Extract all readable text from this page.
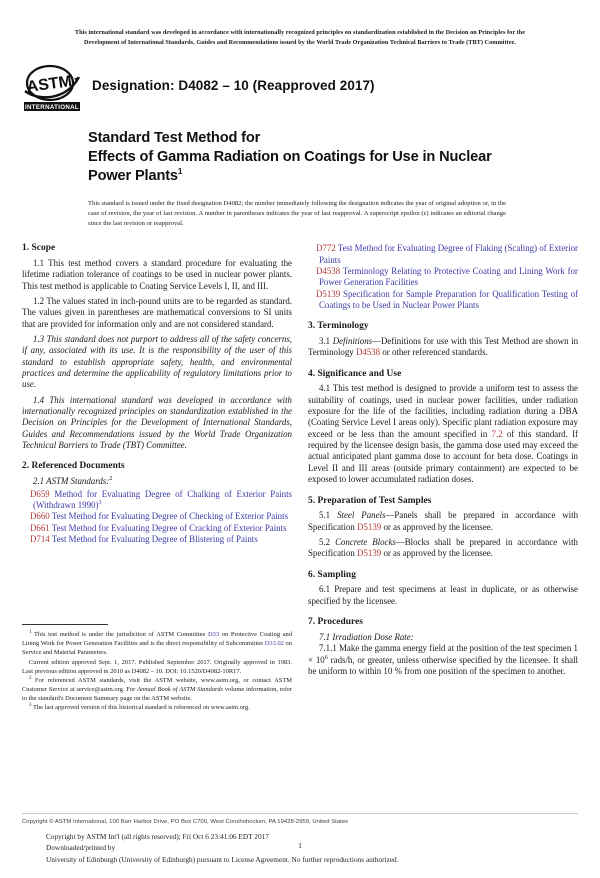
This international standard was developed in accordance with internationally recognized principles on standardization established in the Decision on Principles for the
Development of International Standards, Guides and Recommendations issued by the World Trade Organization Technical Barriers to Trade (TBT) Committee.
ASTM
INTERNATIONAL
Designation: D4082 – 10 (Reapproved 2017)
Standard Test Method for
Effects of Gamma Radiation on Coatings for Use in Nuclear
Power Plants$^1$
This standard is issued under the fixed designation D4082; the number immediately following the designation indicates the year of original adoption or, in the case of revision, the year of last revision. A number in parentheses indicates the year of last reapproval. A superscript epsilon (ε) indicates an editorial change since the last revision or reapproval.
1. Scope

1.1 This test method covers a standard procedure for evaluating the lifetime radiation tolerance of coatings to be used in nuclear power plants. This test method is applicable to Coating Service Levels I, II, and III.

1.2 The values stated in inch-pound units are to be regarded as standard. The values given in parentheses are mathematical conversions to SI units that are provided for information only and are not considered standard.

1.3 This standard does not purport to address all of the safety concerns, if any, associated with its use. It is the responsibility of the user of this standard to establish appropriate safety, health, and environmental practices and determine the applicability of regulatory limitations prior to use.

1.4 This international standard was developed in accordance with internationally recognized principles on standardization established in the Decision on Principles for the Development of International Standards, Guides and Recommendations issued by the World Trade Organization Technical Barriers to Trade (TBT) Committee.

2. Referenced Documents

2.1 ASTM Standards:$^2$

D659 Method for Evaluating Degree of Chalking of Exterior Paints (Withdrawn 1990)$^3$

D660 Test Method for Evaluating Degree of Checking of Exterior Paints

D661 Test Method for Evaluating Degree of Cracking of Exterior Paints

D714 Test Method for Evaluating Degree of Blistering of Paints

$^1$ This test method is under the jurisdiction of ASTM Committee D33 on Protective Coating and Lining Work for Power Generation Facilities and is the direct responsibility of Subcommittee D33.02 on Service and Material Parameters.

Current edition approved Sept. 1, 2017. Published September 2017. Originally approved in 1983. Last previous edition approved in 2010 as D4082 – 10. DOI: 10.1520/D4082-10R17.

$^2$ For referenced ASTM standards, visit the ASTM website, www.astm.org, or contact ASTM Customer Service at service@astm.org. For Annual Book of ASTM Standards volume information, refer to the standard's Document Summary page on the ASTM website.

$^3$ The last approved version of this historical standard is referenced on www.astm.org.

D772 Test Method for Evaluating Degree of Flaking (Scaling) of Exterior Paints

D4538 Terminology Relating to Protective Coating and Lining Work for Power Generation Facilities

D5139 Specification for Sample Preparation for Qualification Testing of Coatings to be Used in Nuclear Power Plants

3. Terminology

3.1 Definitions—Definitions for use with this Test Method are shown in Terminology D4538 or other referenced standards.

4. Significance and Use

4.1 This test method is designed to provide a uniform test to assess the suitability of coatings, used in nuclear power facilities, under radiation exposure for the life of the facilities, including radiation during a DBA (Coating Service Level I areas only). Specific plant radiation exposure may exceed or be less than the amount specified in 7.2 of this standard. If required by the licensee design basis, the gamma dose used may exceed the actual anticipated plant gamma dose to account for beta dose. Coatings in Level II and III areas (outside primary containment) are expected to be exposed to lower accumulated radiation doses.

5. Preparation of Test Samples

5.1 Steel Panels—Panels shall be prepared in accordance with Specification D5139 or as approved by the licensee.

5.2 Concrete Blocks—Blocks shall be prepared in accordance with Specification D5139 or as approved by the licensee.

6. Sampling

6.1 Prepare and test specimens at least in duplicate, or as otherwise specified by the licensee.

7. Procedures

7.1 Irradiation Dose Rate:

7.1.1 Make the gamma energy field at the position of the test specimen $1 \times 10^6$ rads/h, or greater, unless otherwise specified by the licensee. It shall be uniform to within 10 % from one position of the specimen to another.

Copyright © ASTM International, 100 Barr Harbor Drive, PO Box C700, West Conshohocken, PA 19428-2959, United States
Copyright by ASTM Int'l (all rights reserved); Fri Oct 6 23:41:06 EDT 2017
Downloaded/printed by
University of Edinburgh (University of Edinburgh) pursuant to License Agreement. No further reproductions authorized.
1
